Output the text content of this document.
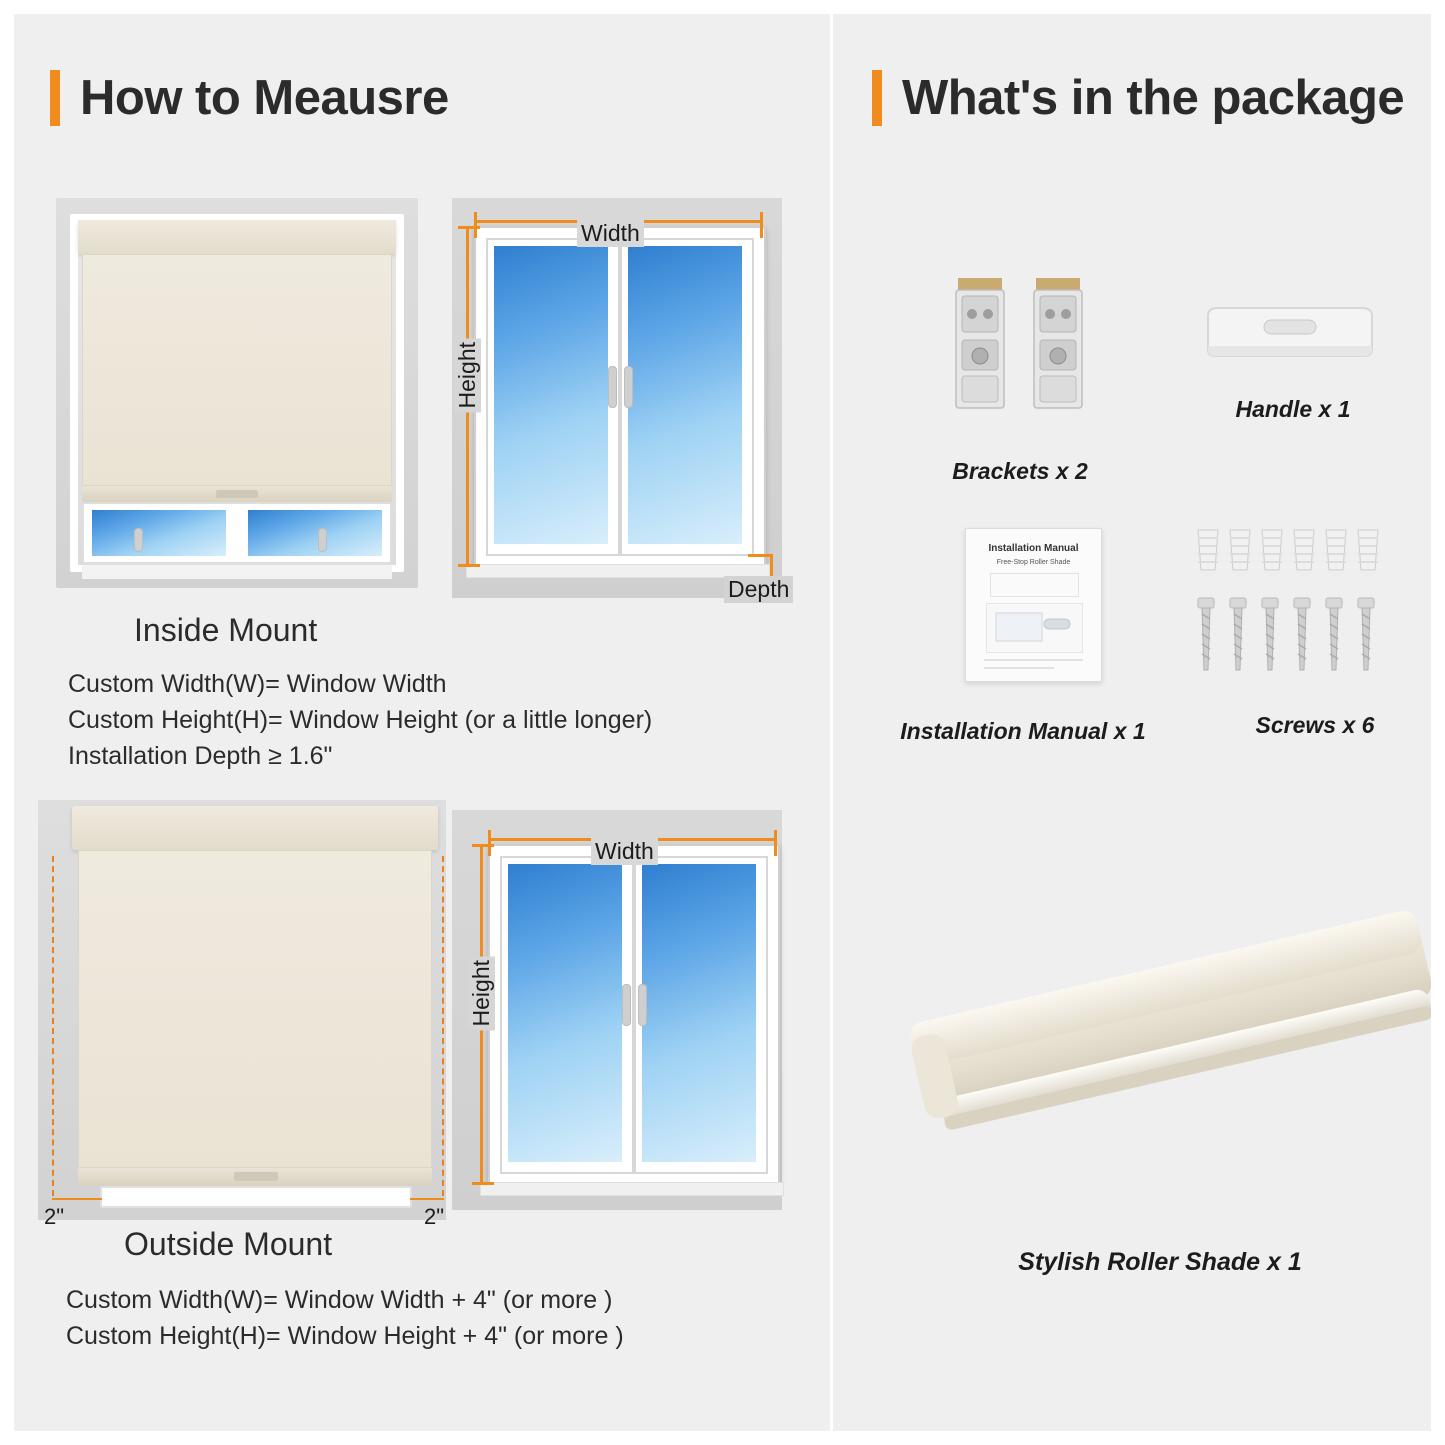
How to Meausre
Width
Height
Depth
Inside Mount
Custom Width(W)= Window Width
Custom Height(H)= Window Height (or a little longer)
Installation Depth ≥ 1.6"
2"	2"
Width
Height
Outside Mount
Custom Width(W)= Window Width + 4" (or more )
Custom Height(H)= Window Height + 4" (or more )
What's in the package
Brackets x 2
Handle x 1
Installation Manual
Free-Stop Roller Shade
Installation Manual x 1	Screws x 6
Stylish Roller Shade x 1
